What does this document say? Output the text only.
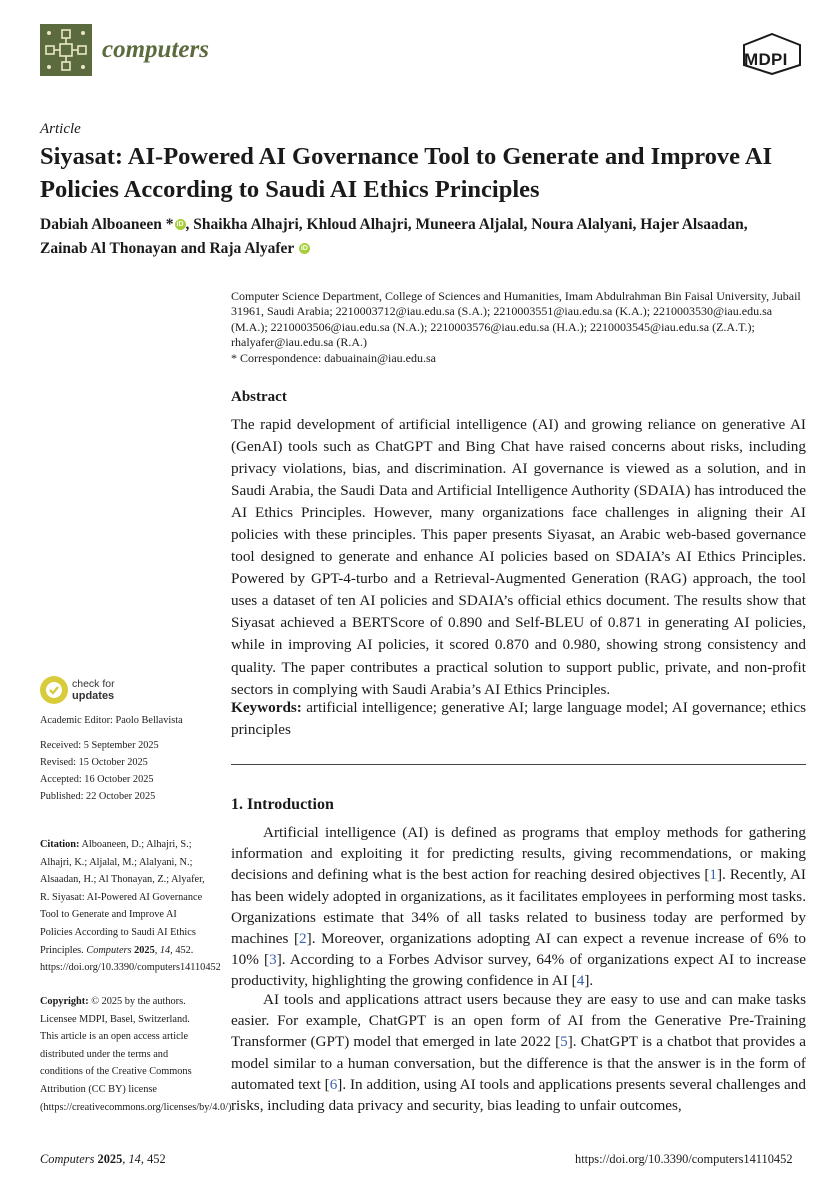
computers	MDPI
Article
Siyasat: AI-Powered AI Governance Tool to Generate and Improve AI Policies According to Saudi AI Ethics Principles
Dabiah Alboaneen * iD , Shaikha Alhajri, Khloud Alhajri, Muneera Aljalal, Noura Alalyani, Hajer Alsaadan,
Zainab Al Thonayan and Raja Alyafer iD
Computer Science Department, College of Sciences and Humanities, Imam Abdulrahman Bin Faisal University, Jubail 31961, Saudi Arabia; 2210003712@iau.edu.sa (S.A.); 2210003551@iau.edu.sa (K.A.); 2210003530@iau.edu.sa (M.A.); 2210003506@iau.edu.sa (N.A.); 2210003576@iau.edu.sa (H.A.); 2210003545@iau.edu.sa (Z.A.T.); rhalyafer@iau.edu.sa (R.A.)
* Correspondence: dabuainain@iau.edu.sa
Abstract
The rapid development of artificial intelligence (AI) and growing reliance on generative AI (GenAI) tools such as ChatGPT and Bing Chat have raised concerns about risks, including privacy violations, bias, and discrimination. AI governance is viewed as a solution, and in Saudi Arabia, the Saudi Data and Artificial Intelligence Authority (SDAIA) has introduced the AI Ethics Principles. However, many organizations face challenges in aligning their AI policies with these principles. This paper presents Siyasat, an Arabic web-based governance tool designed to generate and enhance AI policies based on SDAIA’s AI Ethics Principles. Powered by GPT-4-turbo and a Retrieval-Augmented Generation (RAG) approach, the tool uses a dataset of ten AI policies and SDAIA’s official ethics document. The results show that Siyasat achieved a BERTScore of 0.890 and Self-BLEU of 0.871 in generating AI policies, while in improving AI policies, it scored 0.870 and 0.980, showing strong consistency and quality. The paper contributes a practical solution to support public, private, and non-profit sectors in complying with Saudi Arabia’s AI Ethics Principles.
Keywords: artificial intelligence; generative AI; large language model; AI governance; ethics principles
check for
updates
Academic Editor: Paolo Bellavista
Received: 5 September 2025
Revised: 15 October 2025
Accepted: 16 October 2025
Published: 22 October 2025
Citation: Alboaneen, D.; Alhajri, S.; Alhajri, K.; Aljalal, M.; Alalyani, N.; Alsaadan, H.; Al Thonayan, Z.; Alyafer, R. Siyasat: AI-Powered AI Governance Tool to Generate and Improve AI Policies According to Saudi AI Ethics Principles. Computers 2025, 14, 452. https://doi.org/10.3390/computers14110452
Copyright: © 2025 by the authors. Licensee MDPI, Basel, Switzerland. This article is an open access article distributed under the terms and conditions of the Creative Commons Attribution (CC BY) license (https://creativecommons.org/licenses/by/4.0/).
1. Introduction
Artificial intelligence (AI) is defined as programs that employ methods for gathering information and exploiting it for predicting results, giving recommendations, or making decisions and defining what is the best action for reaching desired objectives [1]. Recently, AI has been widely adopted in organizations, as it facilitates employees in performing most tasks. Organizations estimate that 34% of all tasks related to business today are performed by machines [2]. Moreover, organizations adopting AI can expect a revenue increase of 6% to 10% [3]. According to a Forbes Advisor survey, 64% of organizations expect AI to increase productivity, highlighting the growing confidence in AI [4].
AI tools and applications attract users because they are easy to use and can make tasks easier. For example, ChatGPT is an open form of AI from the Generative Pre-Training Transformer (GPT) model that emerged in late 2022 [5]. ChatGPT is a chatbot that provides a model similar to a human conversation, but the difference is that the answer is in the form of automated text [6]. In addition, using AI tools and applications presents several challenges and risks, including data privacy and security, bias leading to unfair outcomes,
Computers 2025, 14, 452	https://doi.org/10.3390/computers14110452
